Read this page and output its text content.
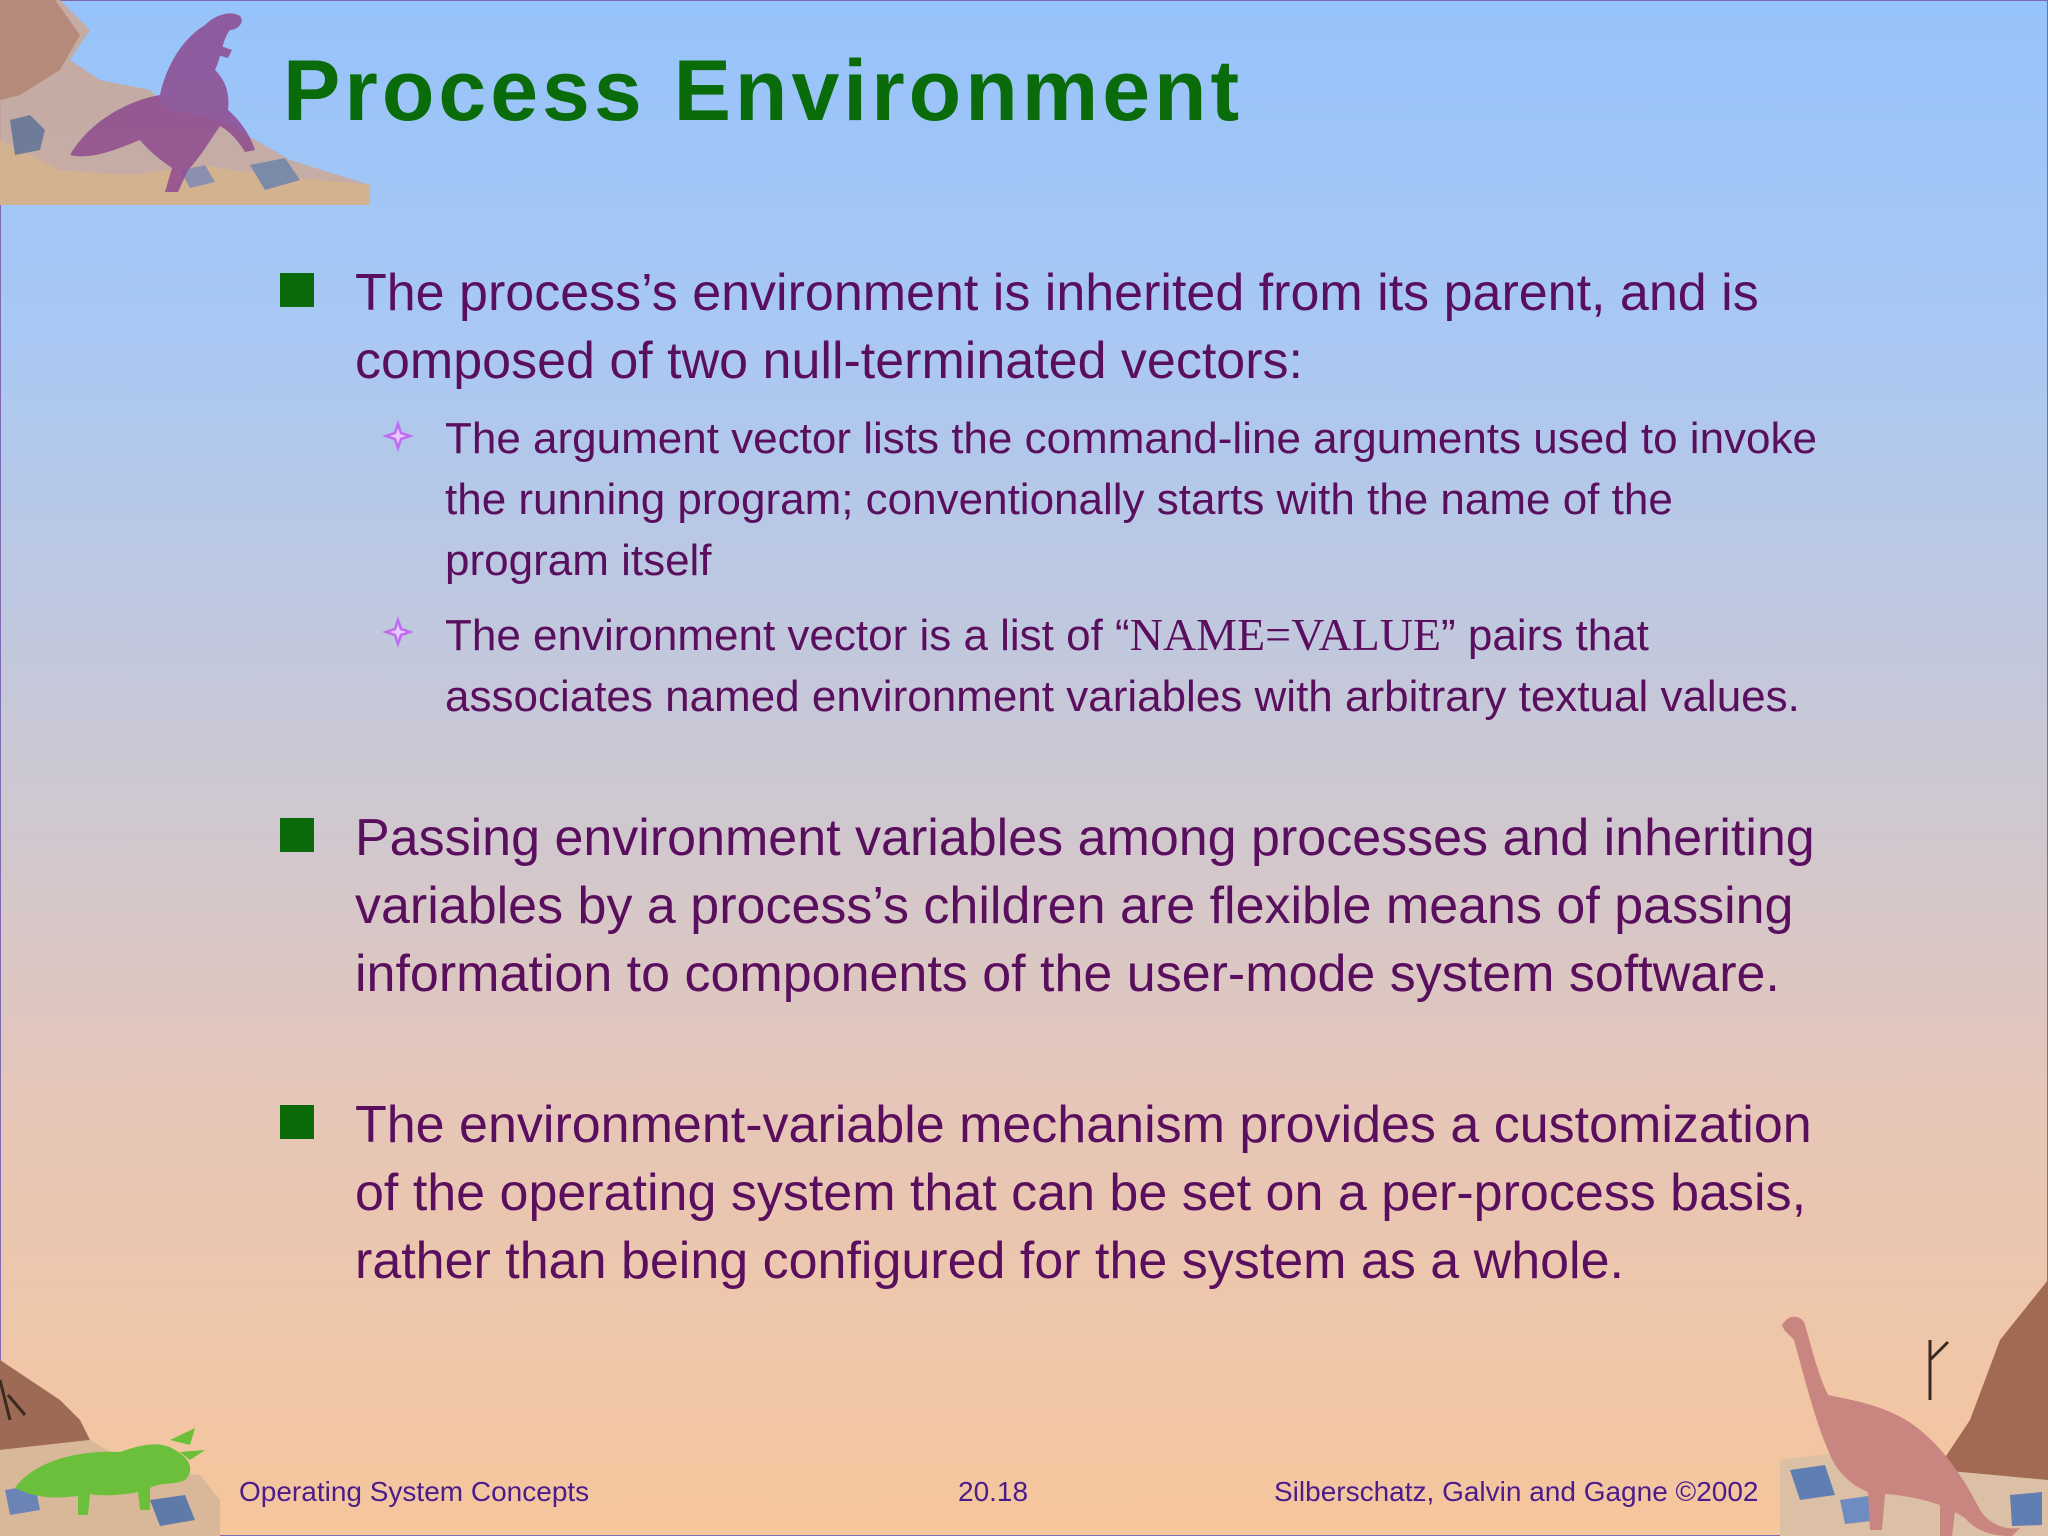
Process Environment

The process’s environment is inherited from its parent, and is composed of two null-terminated vectors:

The argument vector lists the command-line arguments used to invoke the running program; conventionally starts with the name of the program itself

The environment vector is a list of “NAME=VALUE” pairs that associates named environment variables with arbitrary textual values.

Passing environment variables among processes and inheriting variables by a process’s children are flexible means of passing information to components of the user-mode system software.

The environment-variable mechanism provides a customization of the operating system that can be set on a per-process basis, rather than being configured for the system as a whole.

Operating System Concepts	20.18	Silberschatz, Galvin and Gagne ©2002
